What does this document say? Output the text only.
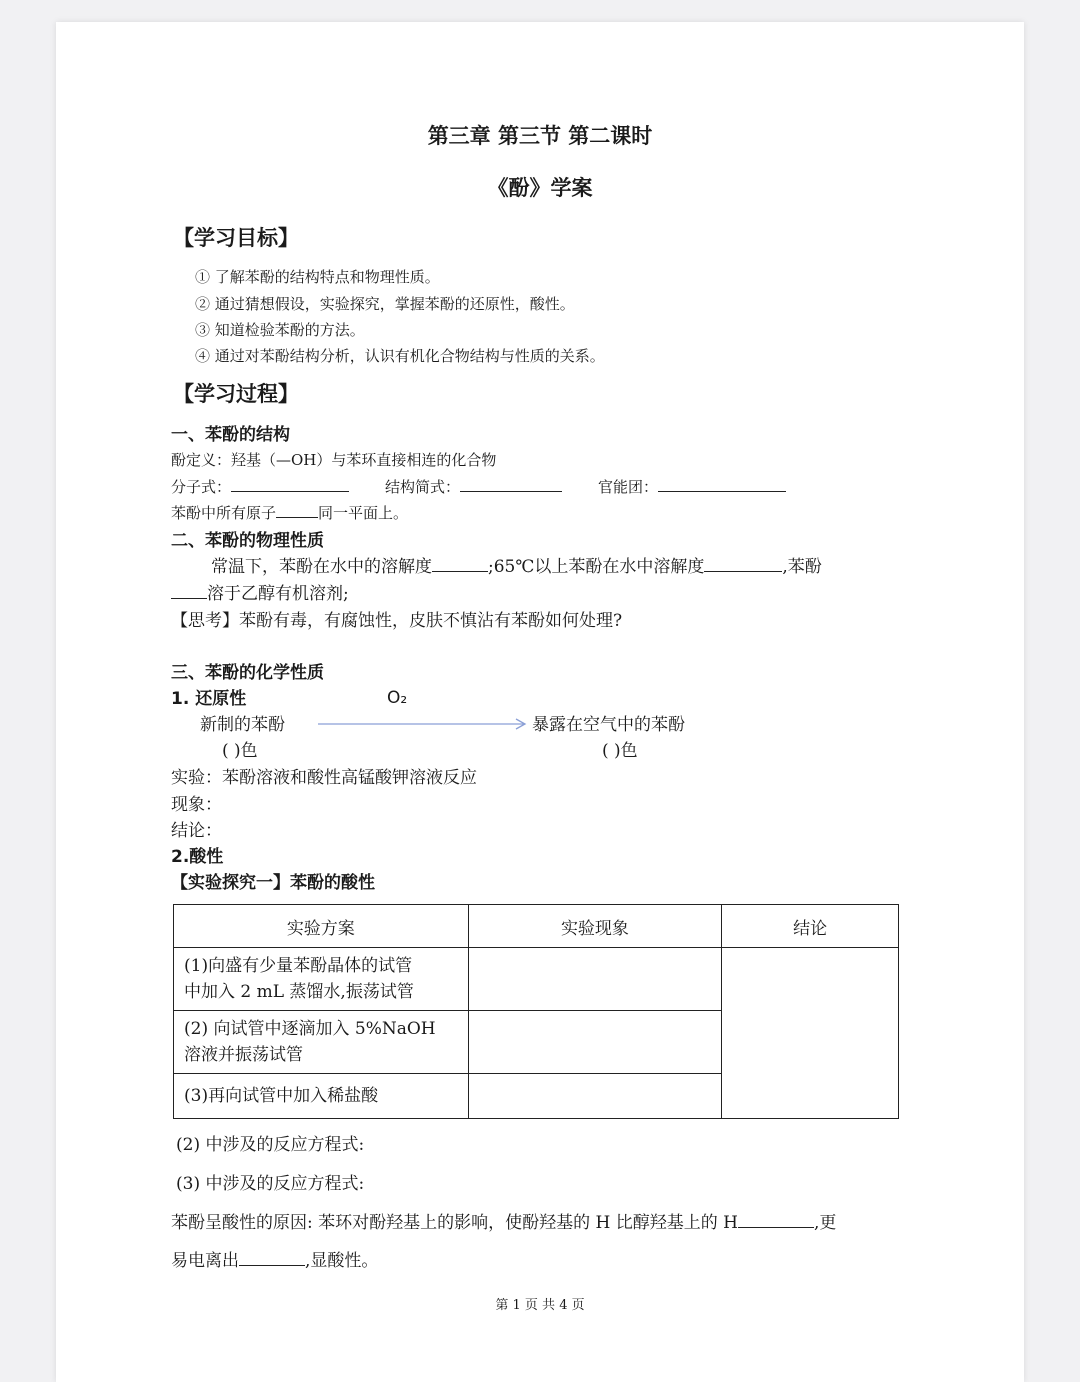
第三章 第三节 第二课时
《酚》学案
【学习目标】
① 了解苯酚的结构特点和物理性质。
② 通过猜想假设，实验探究，掌握苯酚的还原性，酸性。
③ 知道检验苯酚的方法。
④ 通过对苯酚结构分析，认识有机化合物结构与性质的关系。
【学习过程】
一、苯酚的结构
酚定义：羟基（—OH）与苯环直接相连的化合物
分子式：	结构简式：	官能团：
苯酚中所有原子	同一平面上。
二、苯酚的物理性质
常温下，苯酚在水中的溶解度	;65℃以上苯酚在水中溶解度	,苯酚
溶于乙醇有机溶剂;
【思考】苯酚有毒，有腐蚀性，皮肤不慎沾有苯酚如何处理?
三、苯酚的化学性质
1. 还原性	O₂
新制的苯酚	暴露在空气中的苯酚
( )色	( )色
实验：苯酚溶液和酸性高锰酸钾溶液反应
现象：
结论：
2.酸性
【实验探究一】苯酚的酸性
实验方案	实验现象	结论

(1)向盛有少量苯酚晶体的试管
中加入 2 mL 蒸馏水,振荡试管		

(2) 向试管中逐滴加入 5%NaOH
溶液并振荡试管		

(3)再向试管中加入稀盐酸		

(2) 中涉及的反应方程式:
(3) 中涉及的反应方程式:
苯酚呈酸性的原因: 苯环对酚羟基上的影响，使酚羟基的 H 比醇羟基上的 H	,更
易电离出	,显酸性。
第 1 页 共 4 页
